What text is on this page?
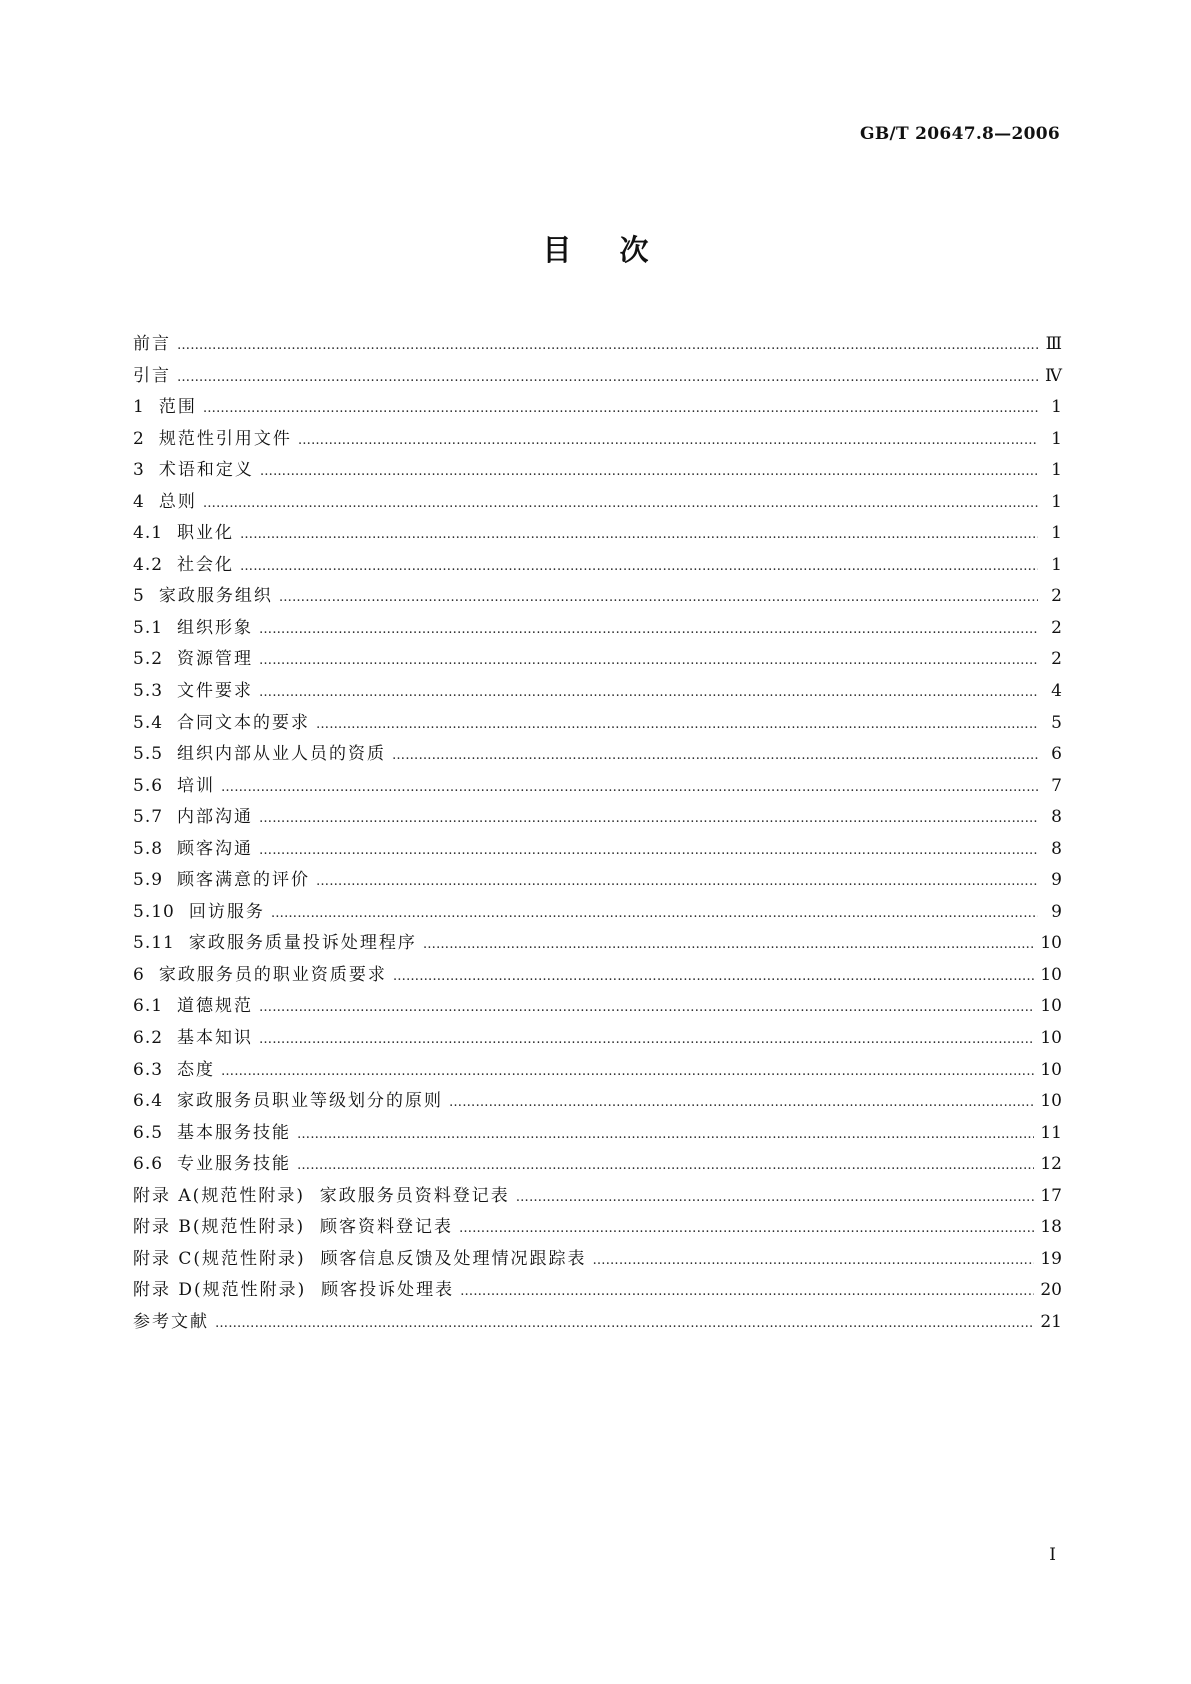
GB/T 20647.8—2006
目次
前言 …………………………………………………………………………………………………………………………………………………………………………………………………………………………	Ⅲ
引言 …………………………………………………………………………………………………………………………………………………………………………………………………………………………	Ⅳ
1 范围 …………………………………………………………………………………………………………………………………………………………………………………………………………………………	1
2 规范性引用文件 …………………………………………………………………………………………………………………………………………………………………………………………………………………………	1
3 术语和定义 …………………………………………………………………………………………………………………………………………………………………………………………………………………………	1
4 总则 …………………………………………………………………………………………………………………………………………………………………………………………………………………………	1
4.1 职业化 …………………………………………………………………………………………………………………………………………………………………………………………………………………………	1
4.2 社会化 …………………………………………………………………………………………………………………………………………………………………………………………………………………………	1
5 家政服务组织 …………………………………………………………………………………………………………………………………………………………………………………………………………………………	2
5.1 组织形象 …………………………………………………………………………………………………………………………………………………………………………………………………………………………	2
5.2 资源管理 …………………………………………………………………………………………………………………………………………………………………………………………………………………………	2
5.3 文件要求 …………………………………………………………………………………………………………………………………………………………………………………………………………………………	4
5.4 合同文本的要求 …………………………………………………………………………………………………………………………………………………………………………………………………………………………	5
5.5 组织内部从业人员的资质 …………………………………………………………………………………………………………………………………………………………………………………………………………………………	6
5.6 培训 …………………………………………………………………………………………………………………………………………………………………………………………………………………………	7
5.7 内部沟通 …………………………………………………………………………………………………………………………………………………………………………………………………………………………	8
5.8 顾客沟通 …………………………………………………………………………………………………………………………………………………………………………………………………………………………	8
5.9 顾客满意的评价 …………………………………………………………………………………………………………………………………………………………………………………………………………………………	9
5.10 回访服务 …………………………………………………………………………………………………………………………………………………………………………………………………………………………	9
5.11 家政服务质量投诉处理程序 …………………………………………………………………………………………………………………………………………………………………………………………………………………………	10
6 家政服务员的职业资质要求 …………………………………………………………………………………………………………………………………………………………………………………………………………………………	10
6.1 道德规范 …………………………………………………………………………………………………………………………………………………………………………………………………………………………	10
6.2 基本知识 …………………………………………………………………………………………………………………………………………………………………………………………………………………………	10
6.3 态度 …………………………………………………………………………………………………………………………………………………………………………………………………………………………	10
6.4 家政服务员职业等级划分的原则 …………………………………………………………………………………………………………………………………………………………………………………………………………………………	10
6.5 基本服务技能 …………………………………………………………………………………………………………………………………………………………………………………………………………………………	11
6.6 专业服务技能 …………………………………………………………………………………………………………………………………………………………………………………………………………………………	12
附录 A(规范性附录)  家政服务员资料登记表 …………………………………………………………………………………………………………………………………………………………………………………………………………………………	17
附录 B(规范性附录)  顾客资料登记表 …………………………………………………………………………………………………………………………………………………………………………………………………………………………	18
附录 C(规范性附录)  顾客信息反馈及处理情况跟踪表 …………………………………………………………………………………………………………………………………………………………………………………………………………………………	19
附录 D(规范性附录)  顾客投诉处理表 …………………………………………………………………………………………………………………………………………………………………………………………………………………………	20
参考文献 …………………………………………………………………………………………………………………………………………………………………………………………………………………………	21
I
